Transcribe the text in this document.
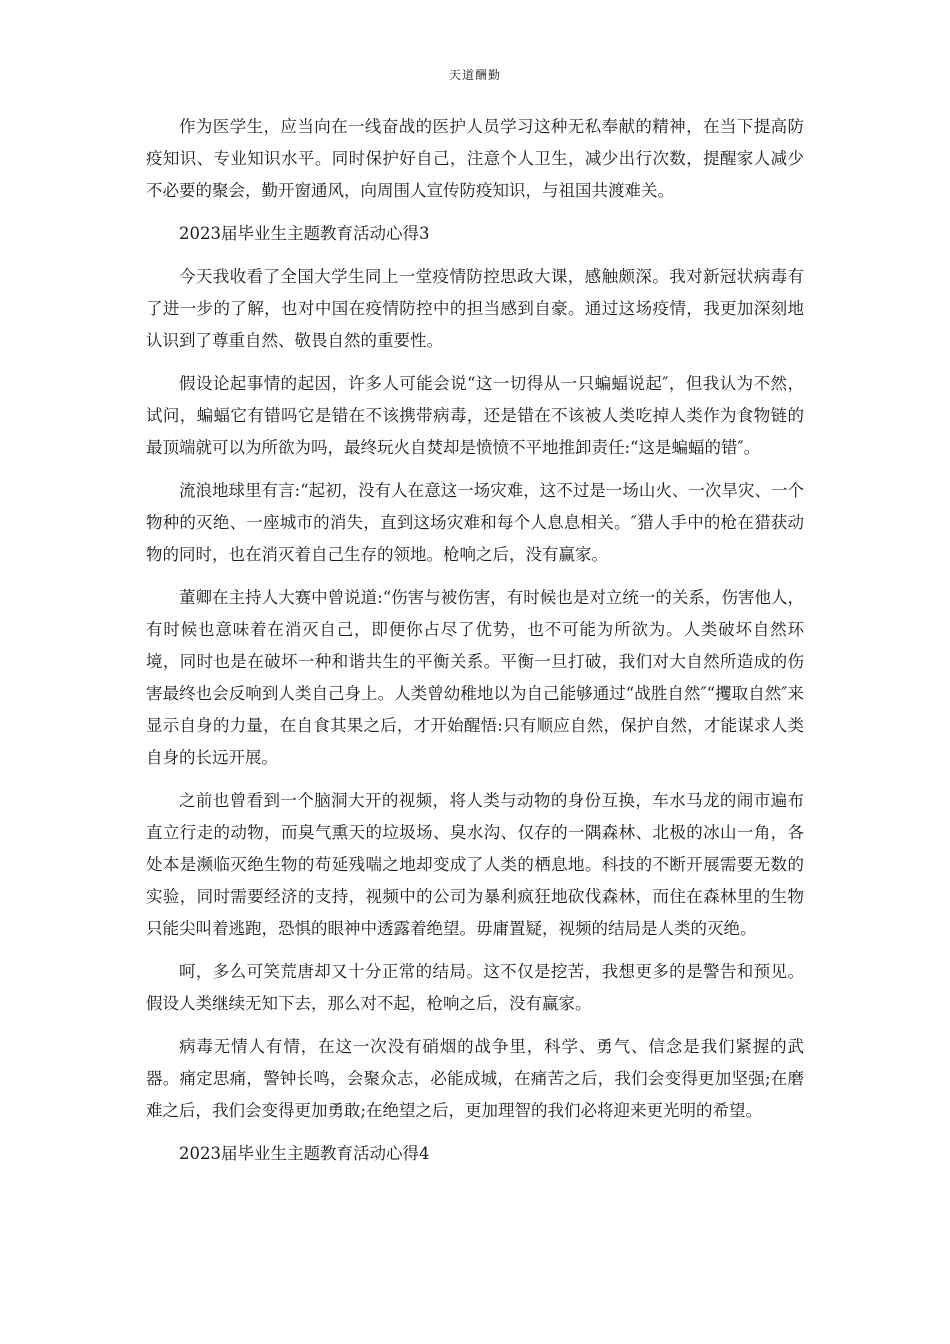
天道酬勤

作为医学生，应当向在一线奋战的医护人员学习这种无私奉献的精神，在当下提高防疫知识、专业知识水平。同时保护好自己，注意个人卫生，减少出行次数，提醒家人减少不必要的聚会，勤开窗通风，向周围人宣传防疫知识，与祖国共渡难关。

2023届毕业生主题教育活动心得3

今天我收看了全国大学生同上一堂疫情防控思政大课，感触颇深。我对新冠状病毒有了进一步的了解，也对中国在疫情防控中的担当感到自豪。通过这场疫情，我更加深刻地认识到了尊重自然、敬畏自然的重要性。

假设论起事情的起因，许多人可能会说“这一切得从一只蝙蝠说起″，但我认为不然，试问，蝙蝠它有错吗它是错在不该携带病毒，还是错在不该被人类吃掉人类作为食物链的最顶端就可以为所欲为吗，最终玩火自焚却是愤愤不平地推卸责任:“这是蝙蝠的错″。

流浪地球里有言:“起初，没有人在意这一场灾难，这不过是一场山火、一次旱灾、一个物种的灭绝、一座城市的消失，直到这场灾难和每个人息息相关。″猎人手中的枪在猎获动物的同时，也在消灭着自己生存的领地。枪响之后，没有赢家。

董卿在主持人大赛中曾说道:“伤害与被伤害，有时候也是对立统一的关系，伤害他人，有时候也意味着在消灭自己，即便你占尽了优势，也不可能为所欲为。人类破坏自然环境，同时也是在破坏一种和谐共生的平衡关系。平衡一旦打破，我们对大自然所造成的伤害最终也会反响到人类自己身上。人类曾幼稚地以为自己能够通过“战胜自然″“攫取自然″来显示自身的力量，在自食其果之后，才开始醒悟:只有顺应自然，保护自然，才能谋求人类自身的长远开展。

之前也曾看到一个脑洞大开的视频，将人类与动物的身份互换，车水马龙的闹市遍布直立行走的动物，而臭气熏天的垃圾场、臭水沟、仅存的一隅森林、北极的冰山一角，各处本是濒临灭绝生物的苟延残喘之地却变成了人类的栖息地。科技的不断开展需要无数的实验，同时需要经济的支持，视频中的公司为暴利疯狂地砍伐森林，而住在森林里的生物只能尖叫着逃跑，恐惧的眼神中透露着绝望。毋庸置疑，视频的结局是人类的灭绝。

呵，多么可笑荒唐却又十分正常的结局。这不仅是挖苦，我想更多的是警告和预见。假设人类继续无知下去，那么对不起，枪响之后，没有赢家。

病毒无情人有情，在这一次没有硝烟的战争里，科学、勇气、信念是我们紧握的武器。痛定思痛，警钟长鸣，会聚众志，必能成城，在痛苦之后，我们会变得更加坚强;在磨难之后，我们会变得更加勇敢;在绝望之后，更加理智的我们必将迎来更光明的希望。

2023届毕业生主题教育活动心得4
